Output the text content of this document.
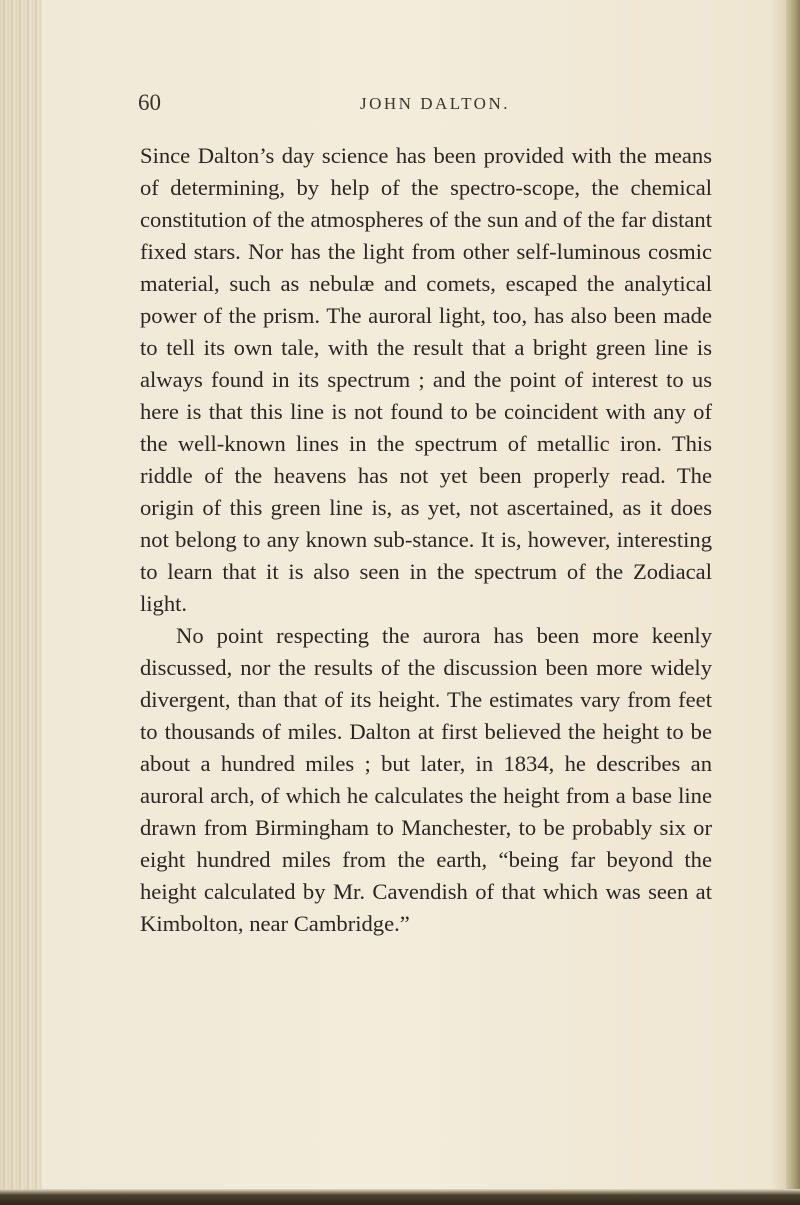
60	JOHN DALTON.

Since Dalton’s day science has been provided with the means of determining, by help of the spectro-scope, the chemical constitution of the atmospheres of the sun and of the far distant fixed stars. Nor has the light from other self-luminous cosmic material, such as nebulæ and comets, escaped the analytical power of the prism. The auroral light, too, has also been made to tell its own tale, with the result that a bright green line is always found in its spectrum ; and the point of interest to us here is that this line is not found to be coincident with any of the well-known lines in the spectrum of metallic iron. This riddle of the heavens has not yet been properly read. The origin of this green line is, as yet, not ascertained, as it does not belong to any known sub-stance. It is, however, interesting to learn that it is also seen in the spectrum of the Zodiacal light.

No point respecting the aurora has been more keenly discussed, nor the results of the discussion been more widely divergent, than that of its height. The estimates vary from feet to thousands of miles. Dalton at first believed the height to be about a hundred miles ; but later, in 1834, he describes an auroral arch, of which he calculates the height from a base line drawn from Birmingham to Manchester, to be probably six or eight hundred miles from the earth, “being far beyond the height calculated by Mr. Cavendish of that which was seen at Kimbolton, near Cambridge.”
